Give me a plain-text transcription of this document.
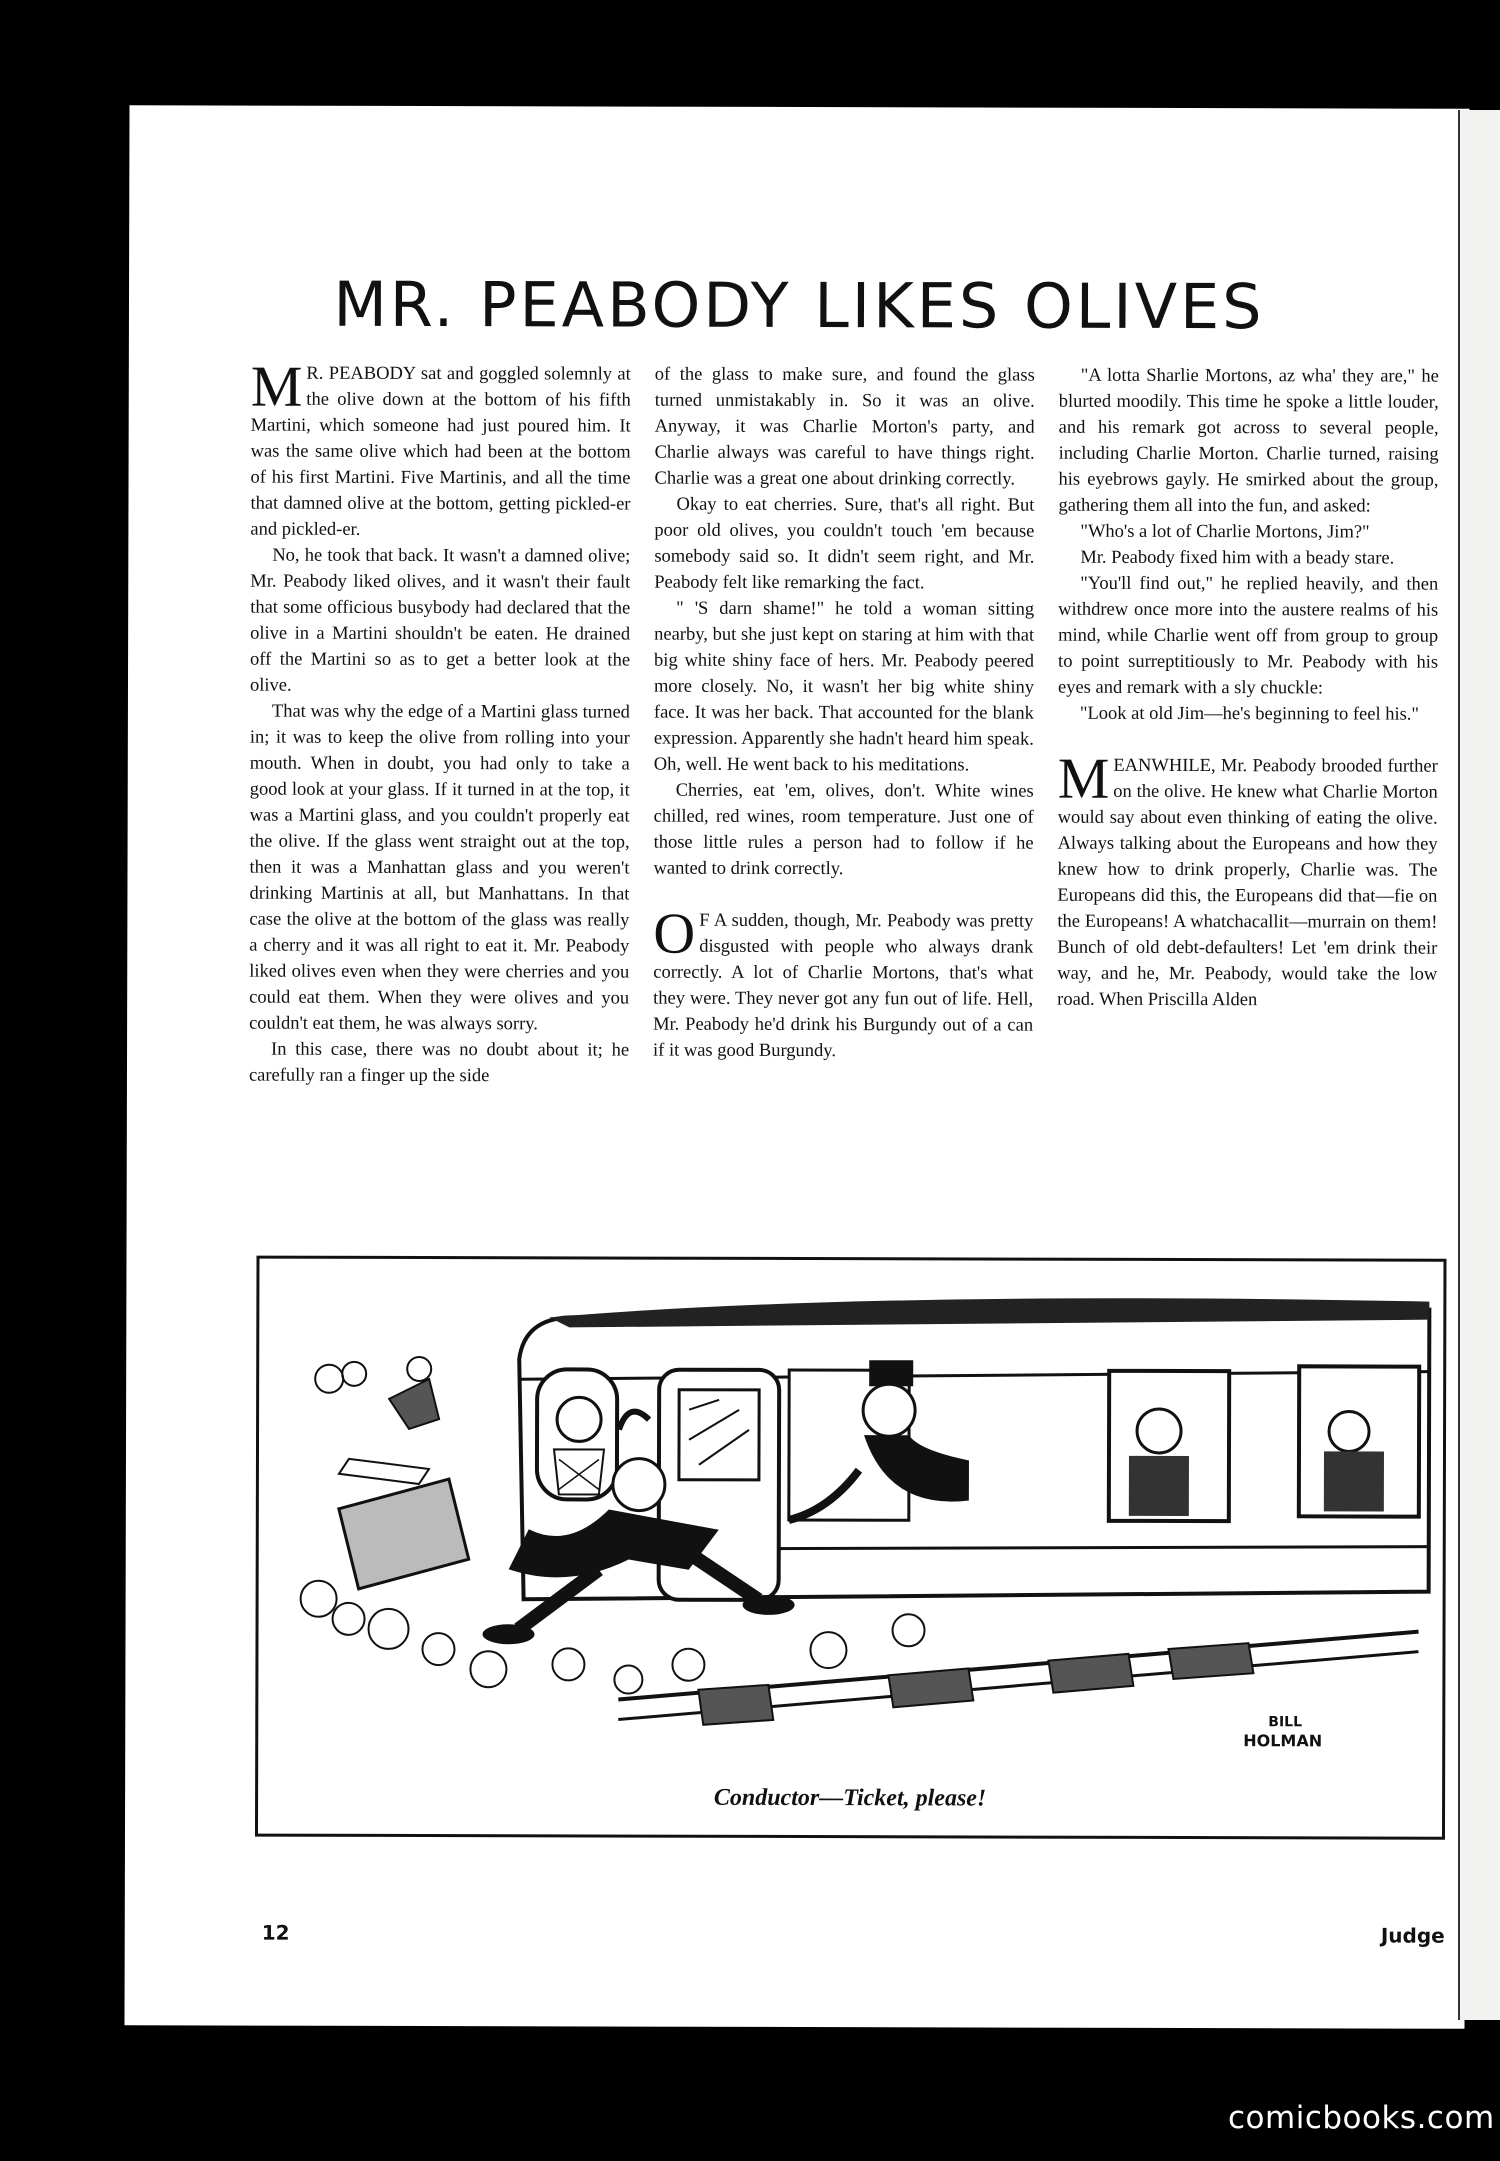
MR. PEABODY LIKES OLIVES

M R. PEABODY sat and goggled solemnly at the olive down at the bottom of his fifth Martini, which someone had just poured him. It was the same olive which had been at the bottom of his first Martini. Five Martinis, and all the time that damned olive at the bottom, getting pickled-er and pickled-er.

No, he took that back. It wasn't a damned olive; Mr. Peabody liked olives, and it wasn't their fault that some officious busybody had declared that the olive in a Martini shouldn't be eaten. He drained off the Martini so as to get a better look at the olive.

That was why the edge of a Martini glass turned in; it was to keep the olive from rolling into your mouth. When in doubt, you had only to take a good look at your glass. If it turned in at the top, it was a Martini glass, and you couldn't properly eat the olive. If the glass went straight out at the top, then it was a Manhattan glass and you weren't drinking Martinis at all, but Manhattans. In that case the olive at the bottom of the glass was really a cherry and it was all right to eat it. Mr. Peabody liked olives even when they were cherries and you could eat them. When they were olives and you couldn't eat them, he was always sorry.

In this case, there was no doubt about it; he carefully ran a finger up the side

of the glass to make sure, and found the glass turned unmistakably in. So it was an olive. Anyway, it was Charlie Morton's party, and Charlie always was careful to have things right. Charlie was a great one about drinking correctly.

Okay to eat cherries. Sure, that's all right. But poor old olives, you couldn't touch 'em because somebody said so. It didn't seem right, and Mr. Peabody felt like remarking the fact.

" 'S darn shame!" he told a woman sitting nearby, but she just kept on staring at him with that big white shiny face of hers. Mr. Peabody peered more closely. No, it wasn't her big white shiny face. It was her back. That accounted for the blank expression. Apparently she hadn't heard him speak. Oh, well. He went back to his meditations.

Cherries, eat 'em, olives, don't. White wines chilled, red wines, room temperature. Just one of those little rules a person had to follow if he wanted to drink correctly.

O F A sudden, though, Mr. Peabody was pretty disgusted with people who always drank correctly. A lot of Charlie Mortons, that's what they were. They never got any fun out of life. Hell, Mr. Peabody he'd drink his Burgundy out of a can if it was good Burgundy.

"A lotta Sharlie Mortons, az wha' they are," he blurted moodily. This time he spoke a little louder, and his remark got across to several people, including Charlie Morton. Charlie turned, raising his eyebrows gayly. He smirked about the group, gathering them all into the fun, and asked:

"Who's a lot of Charlie Mortons, Jim?"

Mr. Peabody fixed him with a beady stare.

"You'll find out," he replied heavily, and then withdrew once more into the austere realms of his mind, while Charlie went off from group to group to point surreptitiously to Mr. Peabody with his eyes and remark with a sly chuckle:

"Look at old Jim—he's beginning to feel his."

MEANWHILE, Mr. Peabody brooded further on the olive. He knew what Charlie Morton would say about even thinking of eating the olive. Always talking about the Europeans and how they knew how to drink properly, Charlie was. The Europeans did this, the Europeans did that—fie on the Europeans! A whatchacallit—murrain on them! Bunch of old debt-defaulters! Let 'em drink their way, and he, Mr. Peabody, would take the low road. When Priscilla Alden

BILL
HOLMAN
Conductor—Ticket, please!
12	Judge
comicbooks.com
